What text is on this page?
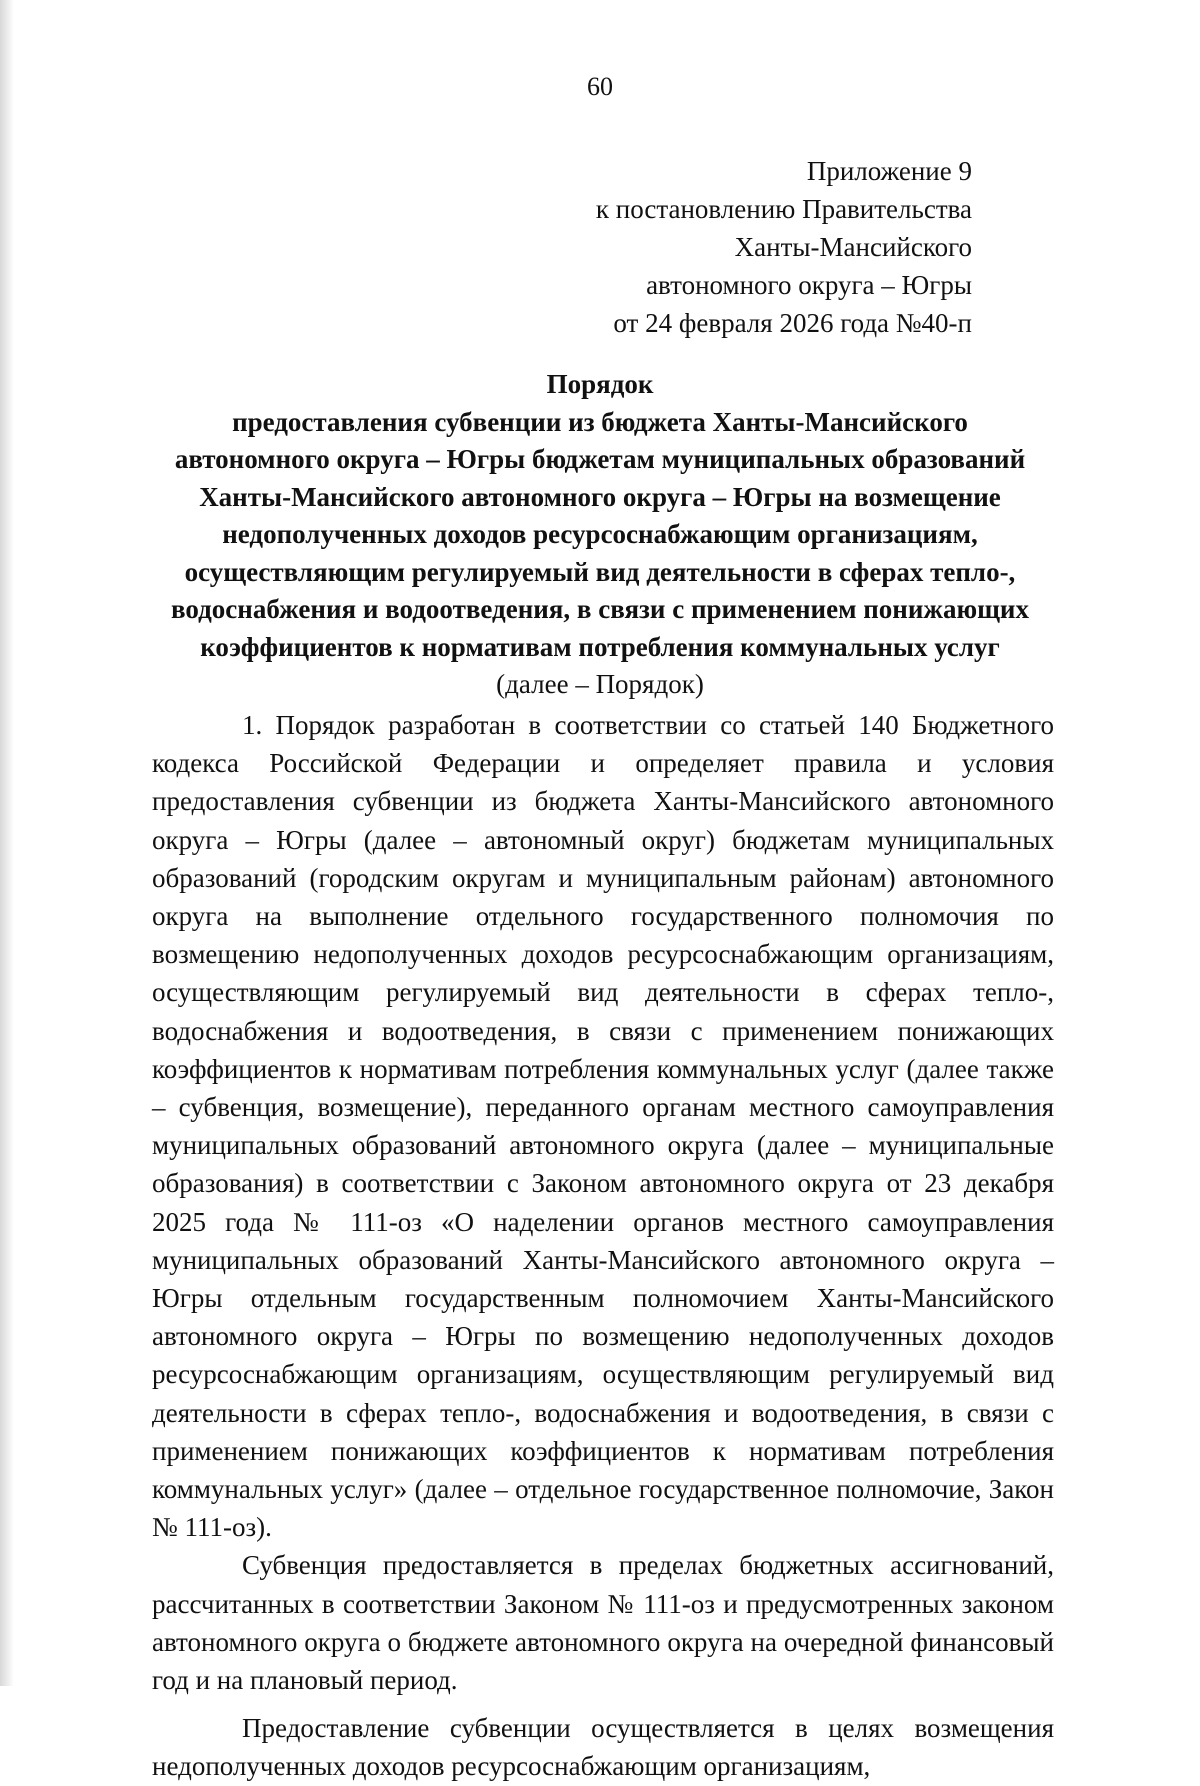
60
Приложение 9
к постановлению Правительства
Ханты-Мансийского
автономного округа – Югры
от 24 февраля 2026 года №40-п
Порядок
предоставления субвенции из бюджета Ханты-Мансийского
автономного округа – Югры бюджетам муниципальных образований
Ханты-Мансийского автономного округа – Югры на возмещение
недополученных доходов ресурсоснабжающим организациям,
осуществляющим регулируемый вид деятельности в сферах тепло-,
водоснабжения и водоотведения, в связи с применением понижающих
коэффициентов к нормативам потребления коммунальных услуг
(далее – Порядок)

1. Порядок разработан в соответствии со статьей 140 Бюджетного кодекса Российской Федерации и определяет правила и условия предоставления субвенции из бюджета Ханты-Мансийского автономного округа – Югры (далее – автономный округ) бюджетам муниципальных образований (городским округам и муниципальным районам) автономного округа на выполнение отдельного государственного полномочия по возмещению недополученных доходов ресурсоснабжающим организациям, осуществляющим регулируемый вид деятельности в сферах тепло-, водоснабжения и водоотведения, в связи с применением понижающих коэффициентов к нормативам потребления коммунальных услуг (далее также – субвенция, возмещение), переданного органам местного самоуправления муниципальных образований автономного округа (далее – муниципальные образования) в соответствии с Законом автономного округа от 23 декабря 2025 года № 111-оз «О наделении органов местного самоуправления муниципальных образований Ханты-Мансийского автономного округа – Югры отдельным государственным полномочием Ханты-Мансийского автономного округа – Югры по возмещению недополученных доходов ресурсоснабжающим организациям, осуществляющим регулируемый вид деятельности в сферах тепло-, водоснабжения и водоотведения, в связи с применением понижающих коэффициентов к нормативам потребления коммунальных услуг» (далее – отдельное государственное полномочие, Закон № 111-оз).

Субвенция предоставляется в пределах бюджетных ассигнований, рассчитанных в соответствии Законом № 111-оз и предусмотренных законом автономного округа о бюджете автономного округа на очередной финансовый год и на плановый период.

Предоставление субвенции осуществляется в целях возмещения недополученных доходов ресурсоснабжающим организациям,
